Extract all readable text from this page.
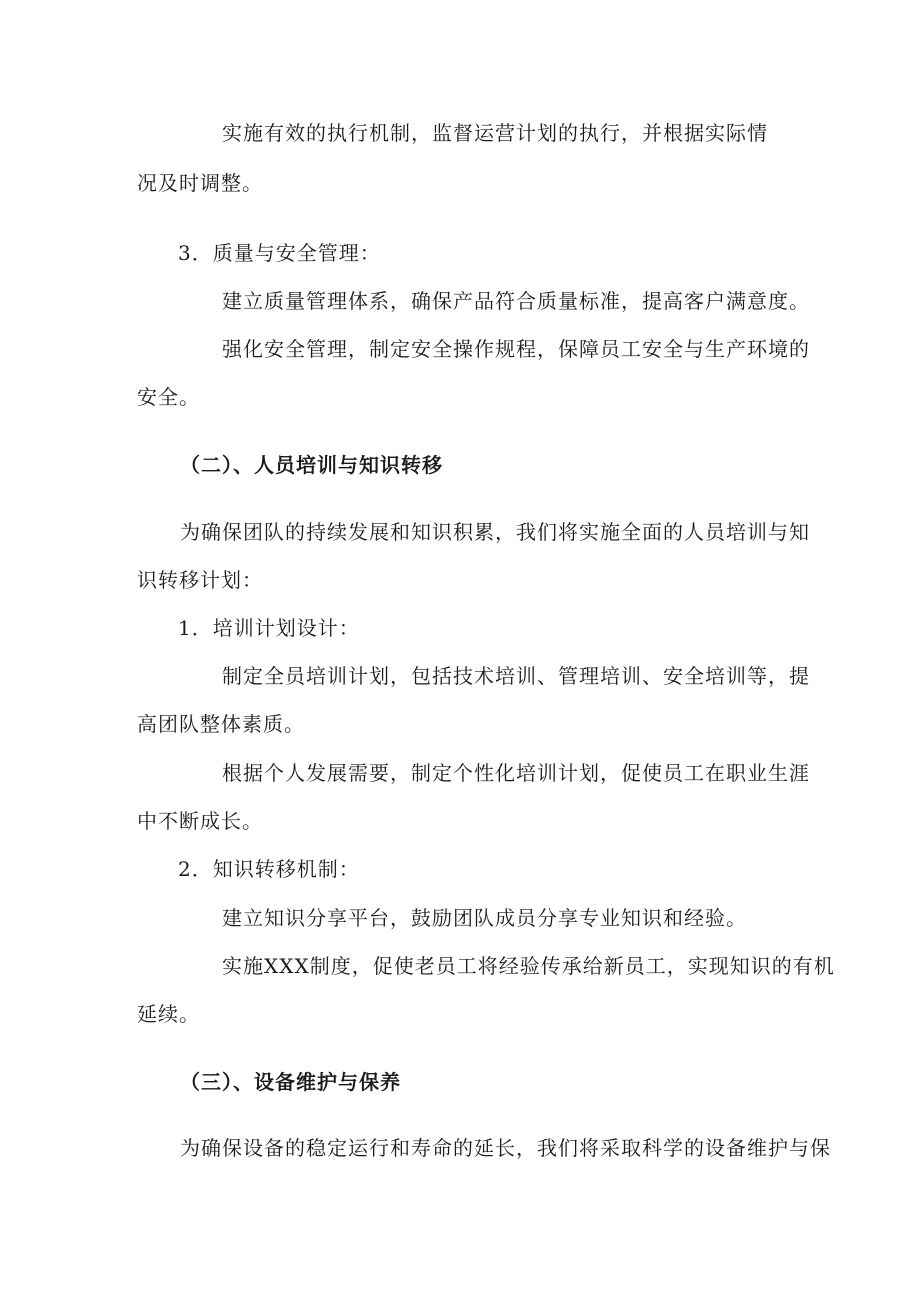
实施有效的执行机制，监督运营计划的执行，并根据实际情
况及时调整。
3．质量与安全管理：
建立质量管理体系，确保产品符合质量标准，提高客户满意度。
强化安全管理，制定安全操作规程，保障员工安全与生产环境的
安全。
（二）、人员培训与知识转移
为确保团队的持续发展和知识积累，我们将实施全面的人员培训与知
识转移计划：
1．培训计划设计：
制定全员培训计划，包括技术培训、管理培训、安全培训等，提
高团队整体素质。
根据个人发展需要，制定个性化培训计划，促使员工在职业生涯
中不断成长。
2．知识转移机制：
建立知识分享平台，鼓励团队成员分享专业知识和经验。
实施XXX制度，促使老员工将经验传承给新员工，实现知识的有机
延续。
（三）、设备维护与保养
为确保设备的稳定运行和寿命的延长，我们将采取科学的设备维护与保
